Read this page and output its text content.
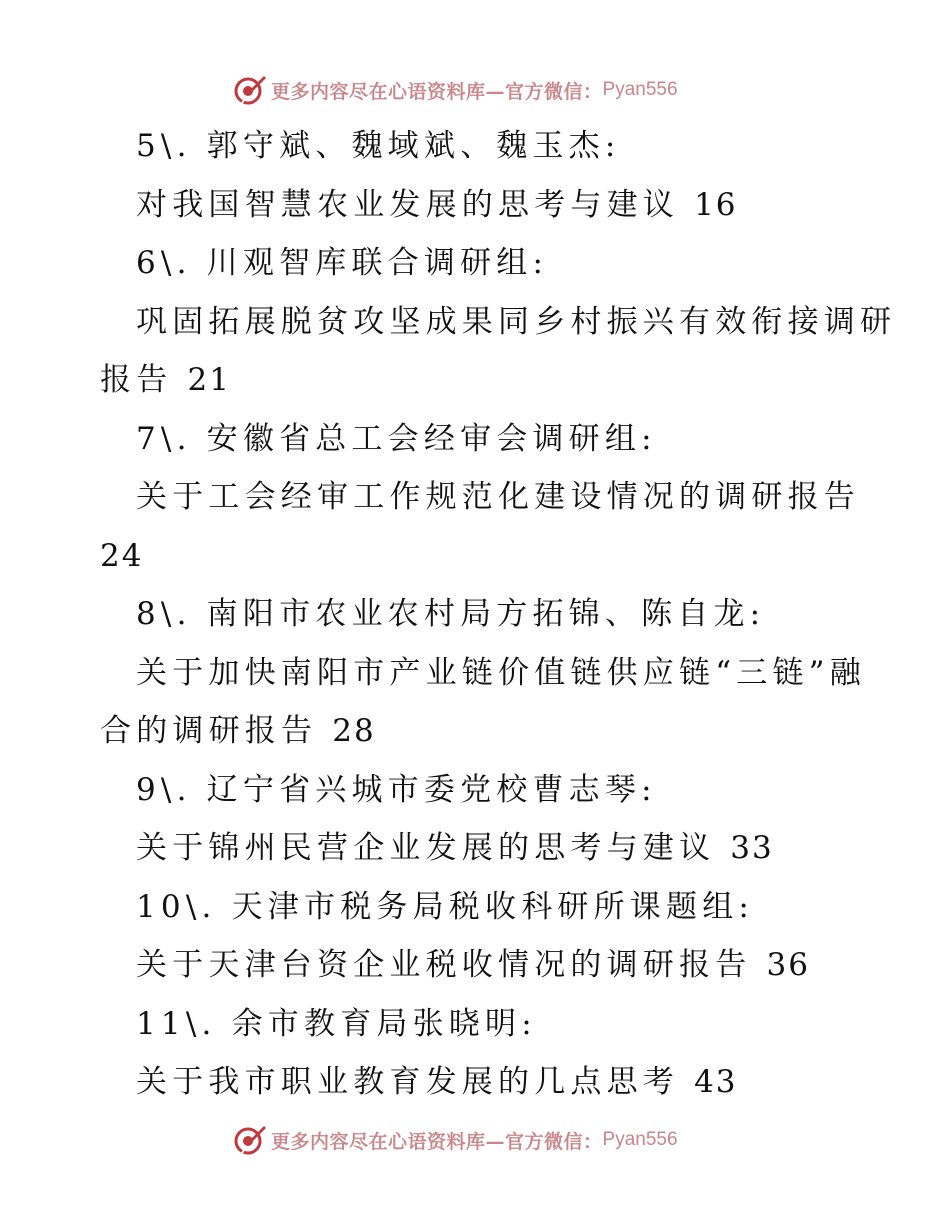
更多内容尽在心语资料库—官方微信： Pyan556
5\. 郭守斌、魏域斌、魏玉杰:
对我国智慧农业发展的思考与建议 16
6\. 川观智库联合调研组:
巩固拓展脱贫攻坚成果同乡村振兴有效衔接调研
报告 21
7\. 安徽省总工会经审会调研组:
关于工会经审工作规范化建设情况的调研报告
24
8\. 南阳市农业农村局方拓锦、陈自龙:
关于加快南阳市产业链价值链供应链“三链”融
合的调研报告 28
9\. 辽宁省兴城市委党校曹志琴:
关于锦州民营企业发展的思考与建议 33
10\. 天津市税务局税收科研所课题组:
关于天津台资企业税收情况的调研报告 36
11\. 余市教育局张晓明:
关于我市职业教育发展的几点思考 43
更多内容尽在心语资料库—官方微信： Pyan556
